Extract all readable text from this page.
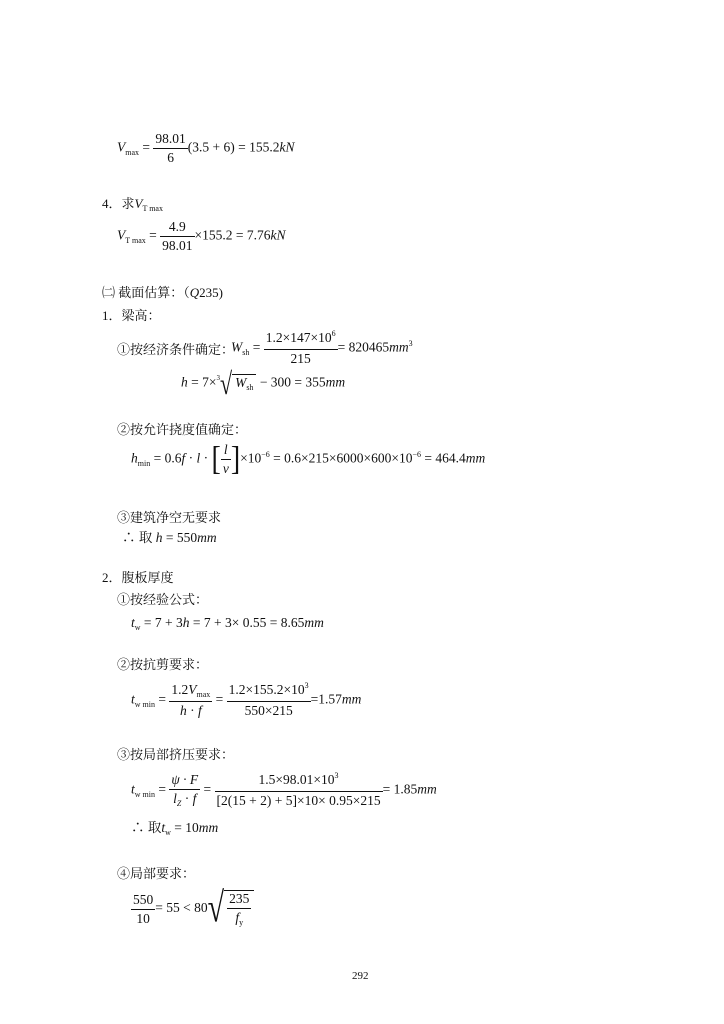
$V_{max} = \frac{98.01}{6} (3.5 + 6) = 155.2kN$
4．求$V_{T max}$
$V_{T max} = \frac{4.9}{98.01} \times 155.2 = 7.76kN$
㈡ 截面估算：（Q235)
1．梁高：
①按经济条件确定：
$W_{sh} = \frac{1.2\times 147\times 10^6}{215} = 820465mm^3$
h = 7×$^3$√ $W_{sh} - 300 = 355mm$
②按允许挠度值确定：
$h_{min} = 0.6f \cdot l$ · [ $\frac{l}{v} ]\times 10^{-6} = 0.6\times 215\times 6000\times 600\times 10^{-6} = 464.4mm$
③建筑净空无要求
∴ 取 h = 550mm
2．腹板厚度
①按经验公式：
$t_w = 7 + 3h = 7 + 3\times 0.55 = 8.65mm$
②按抗剪要求：
$t_{w min} = \frac{1.2V_{max}}{h \cdot f} = \frac{1.2\times 155.2\times 10^3}{550\times 215} =1.57mm$
③按局部挤压要求：
$t_{w min} = \frac{\psi \cdot F}{l_Z \cdot f} = \frac{1.5\times 98.01\times 10^3}{[2(15 + 2) + 5]\times 10\times 0.95\times 215} = 1.85mm$
∴ 取$t_w = 10mm$
④局部要求：
$\frac{550}{10} = 55 < 80√ \frac{235}{f_y}$
292
